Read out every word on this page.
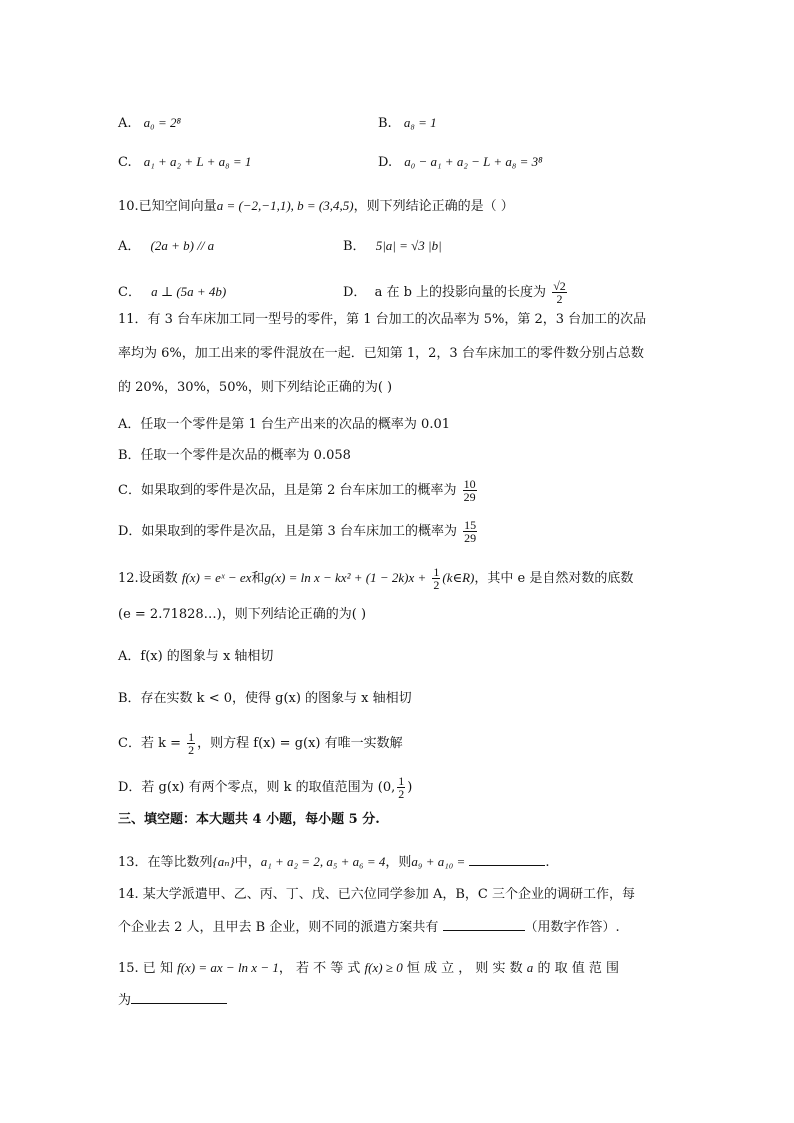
A. a₀ = 2⁸	B. a₈ = 1
C. a₁ + a₂ + L + a₈ = 1	D. a₀ − a₁ + a₂ − L + a₈ = 3⁸
10.已知空间向量a = (−2,−1,1), b = (3,4,5)，则下列结论正确的是（ ）
A． (2a + b) // a	B． 5|a| = √3 |b|
C． a ⊥ (5a + 4b)	D． a 在 b 上的投影向量的长度为 $\frac{√2}{2}$
11．有 3 台车床加工同一型号的零件，第 1 台加工的次品率为 5%，第 2，3 台加工的次品
率均为 6%，加工出来的零件混放在一起．已知第 1，2，3 台车床加工的零件数分别占总数
的 20%，30%，50%，则下列结论正确的为( )
A．任取一个零件是第 1 台生产出来的次品的概率为 0.01
B．任取一个零件是次品的概率为 0.058
C．如果取到的零件是次品，且是第 2 台车床加工的概率为 $\frac{10}{29}$
D．如果取到的零件是次品，且是第 3 台车床加工的概率为 $\frac{15}{29}$
12.设函数 f(x) = eˣ − ex和$g(x) = \ln x - kx^2 + (1 - 2k)x + \frac{1}{2}$ (k∈R)，其中 e 是自然对数的底数
(e = 2.71828…)，则下列结论正确的为( )
A．f(x) 的图象与 x 轴相切
B．存在实数 k < 0，使得 g(x) 的图象与 x 轴相切
C．若 $k = \frac{1}{2}$ ，则方程 f(x) = g(x) 有唯一实数解
D．若 g(x) 有两个零点，则 k 的取值范围为 (0, $\frac{1}{2}$ )
三、填空题：本大题共 4 小题，每小题 5 分.
13．在等比数列{aₙ}中，a₁ + a₂ = 2, a₅ + a₆ = 4，则a₉ + a₁₀ =	.
14. 某大学派遣甲、乙、丙、丁、戊、已六位同学参加 A，B，C 三个企业的调研工作，每
个企业去 2 人，且甲去 B 企业，则不同的派遣方案共有	（用数字作答）.
15. 已 知 f(x) = ax − ln x − 1， 若 不 等 式 f(x) ≥ 0 恒 成 立 ， 则 实 数 a 的 取 值 范 围
为
